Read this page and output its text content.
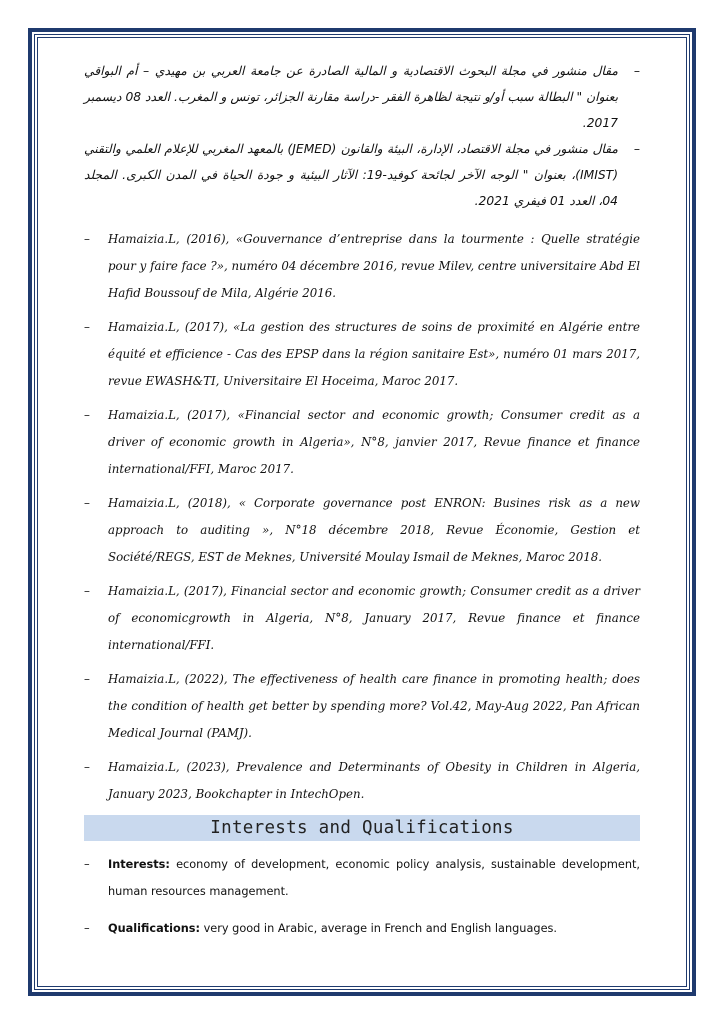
–
مقال منشور في مجلة البحوث الاقتصادية و المالية الصادرة عن جامعة العربي بن مهيدي – أم البواقي بعنوان " البطالة سبب أو/و نتيجة لظاهرة الفقر -دراسة مقارنة الجزائر، تونس و المغرب. العدد 08 ديسمبر 2017.
–
مقال منشور في مجلة الاقتصاد، الإدارة، البيئة والقانون (JEMED) بالمعهد المغربي للإعلام العلمي والتقني (IMIST)، بعنوان " الوجه الآخر لجائحة كوفيد-19: الآثار البيئية و جودة الحياة في المدن الكبرى. المجلد 04، العدد 01 فيفري 2021.
– Hamaizia.L, (2016), «Gouvernance d’entreprise dans la tourmente : Quelle stratégie pour y faire face ?», numéro 04 décembre 2016, revue Milev, centre universitaire Abd El Hafid Boussouf de Mila, Algérie 2016.
– Hamaizia.L, (2017), «La gestion des structures de soins de proximité en Algérie entre équité et efficience - Cas des EPSP dans la région sanitaire Est», numéro 01 mars 2017, revue EWASH&TI, Universitaire El Hoceima, Maroc 2017.
– Hamaizia.L, (2017), «Financial sector and economic growth; Consumer credit as a driver of economic growth in Algeria», N°8, janvier 2017, Revue finance et finance international/FFI, Maroc 2017.
– Hamaizia.L, (2018), « Corporate governance post ENRON: Busines risk as a new approach to auditing », N°18 décembre 2018, Revue Économie, Gestion et Société/REGS, EST de Meknes, Université Moulay Ismail de Meknes, Maroc 2018.
– Hamaizia.L, (2017), Financial sector and economic growth; Consumer credit as a driver of economicgrowth in Algeria, N°8, January 2017, Revue finance et finance international/FFI.
– Hamaizia.L, (2022), The effectiveness of health care finance in promoting health; does the condition of health get better by spending more? Vol.42, May-Aug 2022, Pan African Medical Journal (PAMJ).
– Hamaizia.L, (2023), Prevalence and Determinants of Obesity in Children in Algeria, January 2023, Bookchapter in IntechOpen.
Interests and Qualifications
– Interests: economy of development, economic policy analysis, sustainable development, human resources management.
– Qualifications: very good in Arabic, average in French and English languages.
